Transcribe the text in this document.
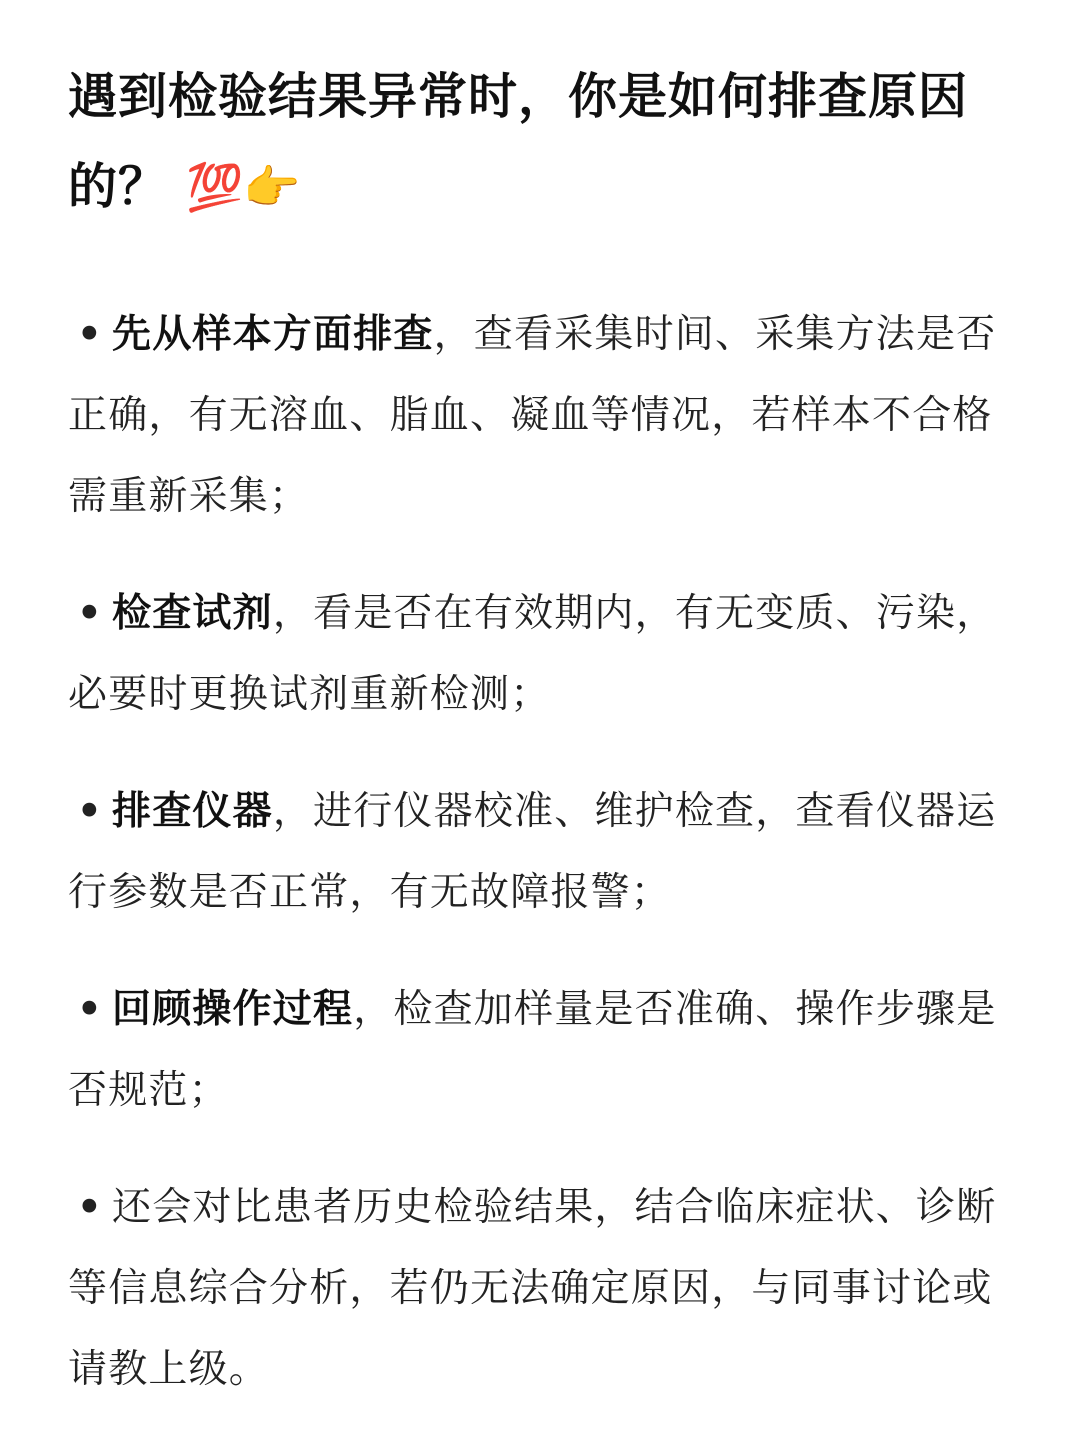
遇到检验结果异常时，你是如何排查原因的？ 💯👉
• 先从样本方面排查，查看采集时间、采集方法是否正确，有无溶血、脂血、凝血等情况，若样本不合格需重新采集；
• 检查试剂，看是否在有效期内，有无变质、污染，必要时更换试剂重新检测；
• 排查仪器，进行仪器校准、维护检查，查看仪器运行参数是否正常，有无故障报警；
• 回顾操作过程，检查加样量是否准确、操作步骤是否规范；
• 还会对比患者历史检验结果，结合临床症状、诊断等信息综合分析，若仍无法确定原因，与同事讨论或请教上级。
